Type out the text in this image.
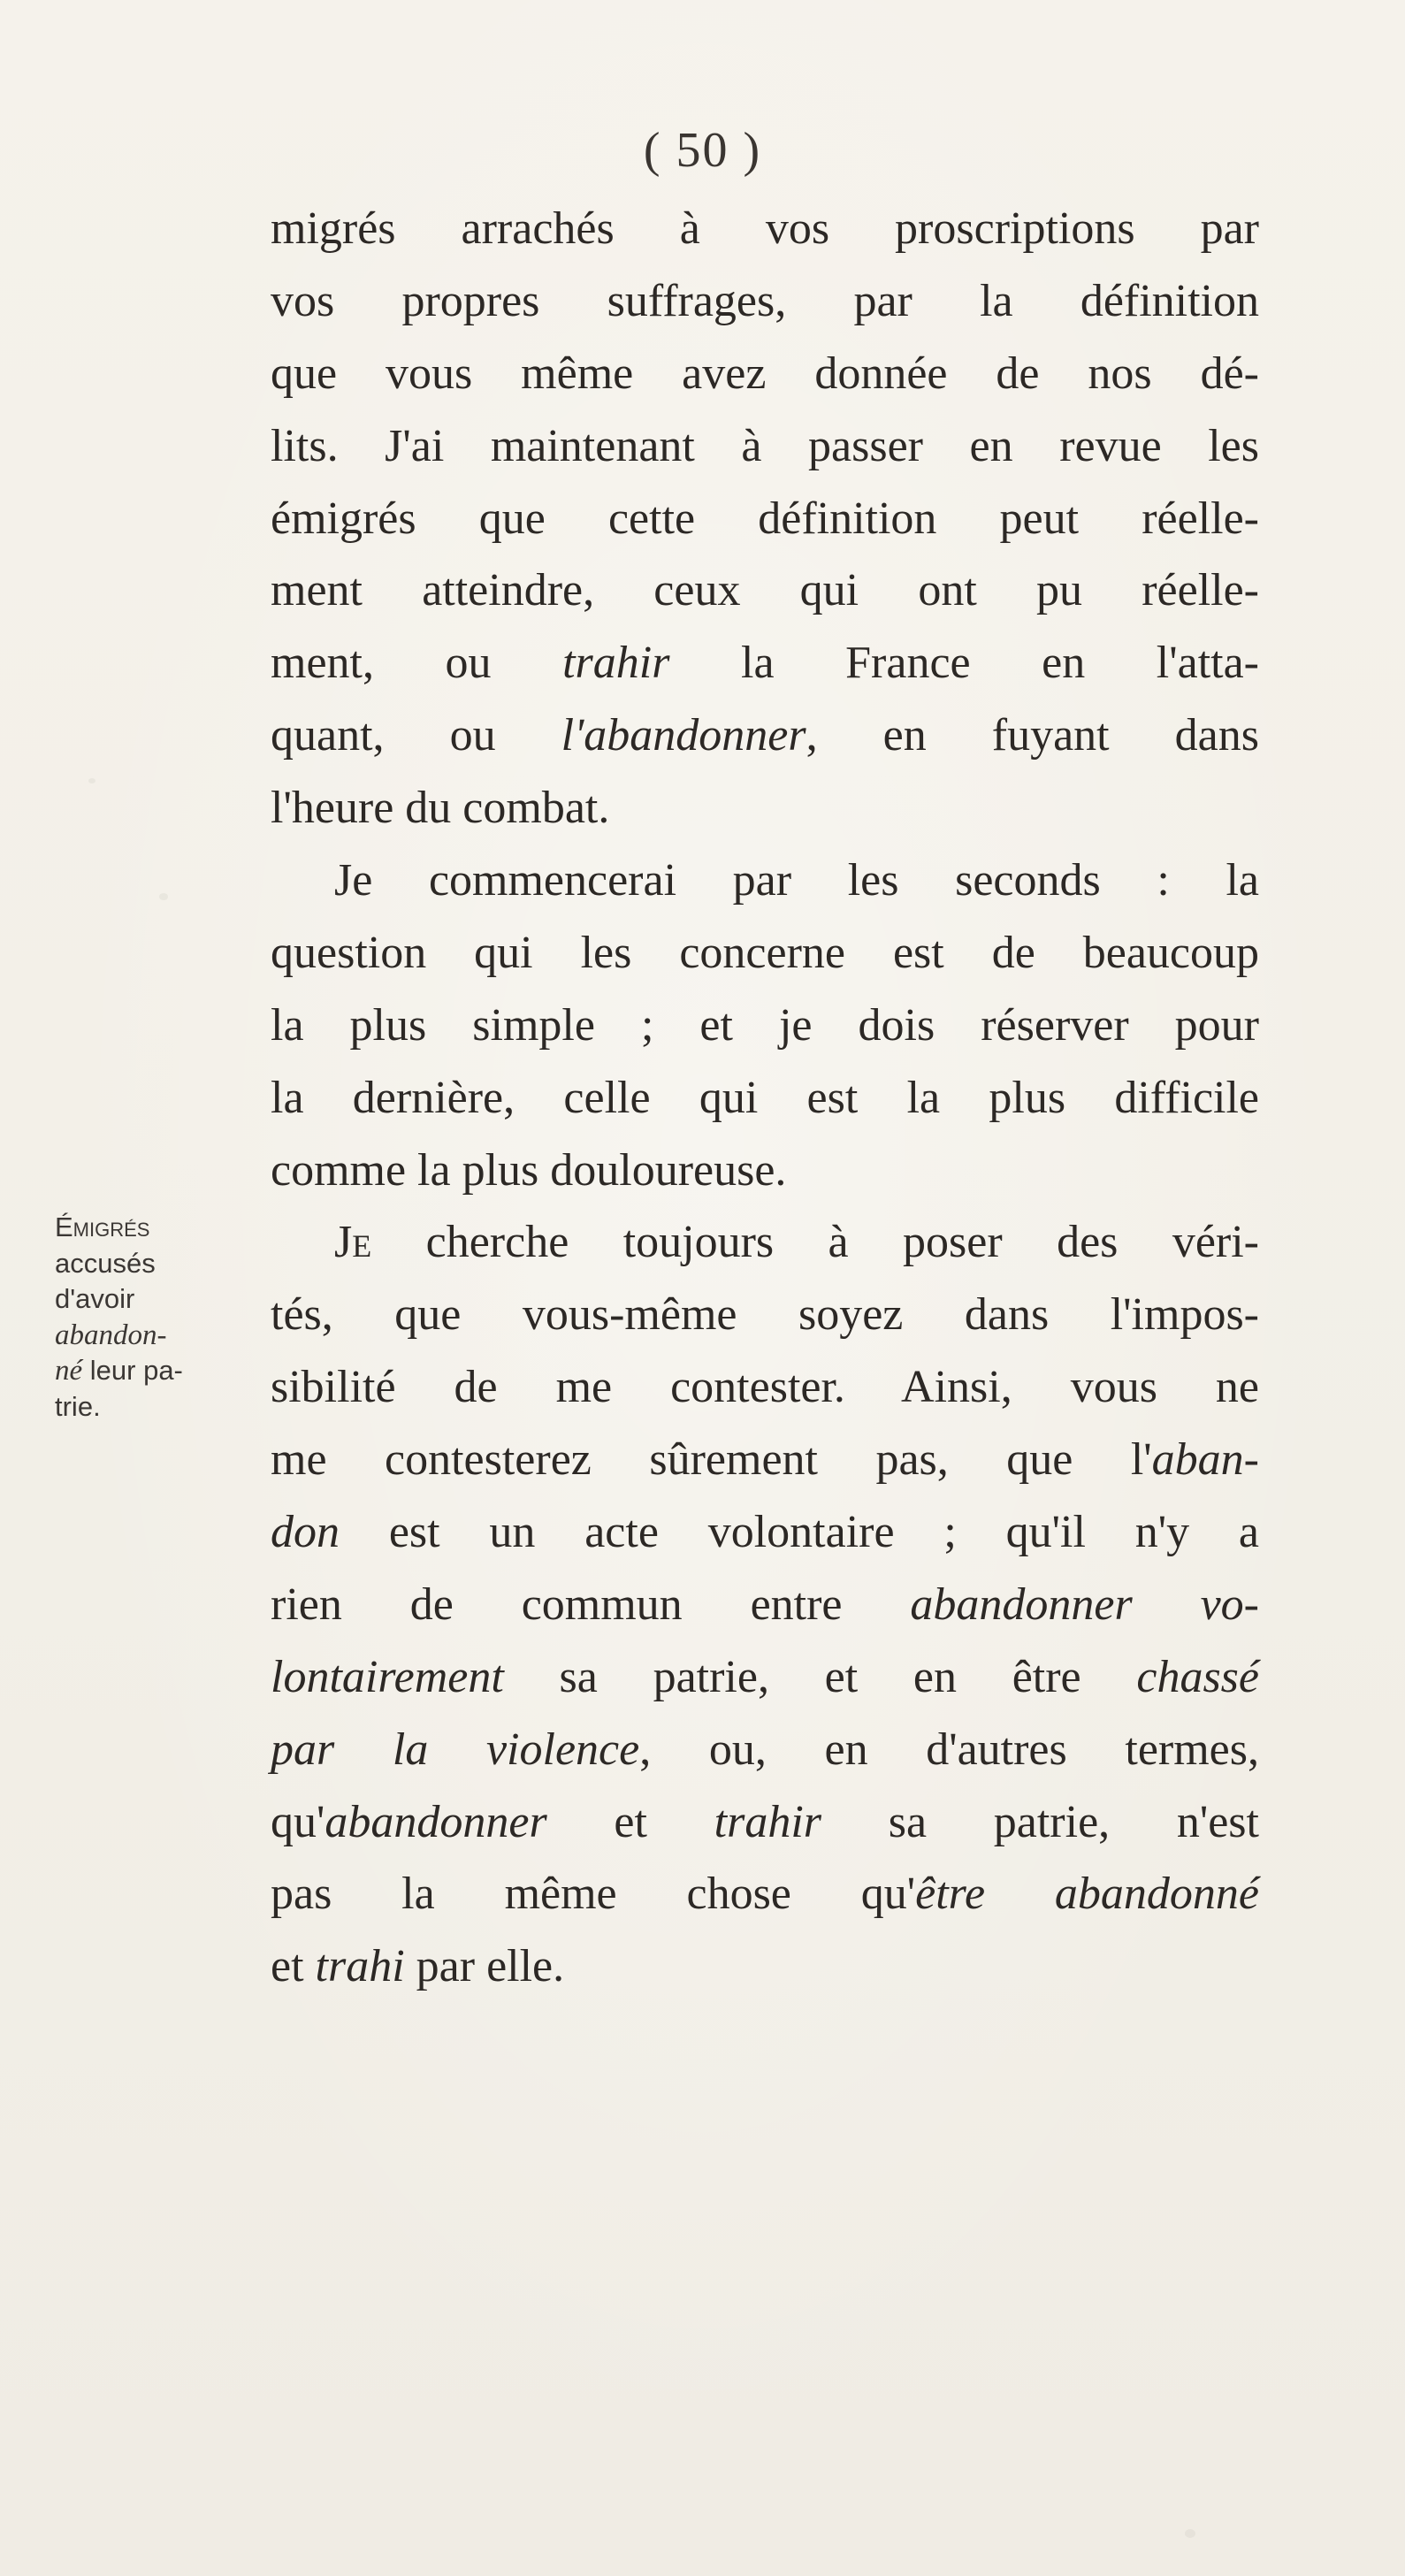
( 50 )
migrés arrachés à vos proscriptions par
vos propres suffrages, par la définition
que vous même avez donnée de nos dé-
lits. J'ai maintenant à passer en revue les
émigrés que cette définition peut réelle-
ment atteindre, ceux qui ont pu réelle-
ment, ou trahir la France en l'atta-
quant, ou l'abandonner, en fuyant dans
l'heure du combat.
Je commencerai par les seconds : la
question qui les concerne est de beaucoup
la plus simple ; et je dois réserver pour
la dernière, celle qui est la plus difficile
comme la plus douloureuse.
Je cherche toujours à poser des véri-
tés, que vous-même soyez dans l'impos-
sibilité de me contester. Ainsi, vous ne
me contesterez sûrement pas, que l'aban-
don est un acte volontaire ; qu'il n'y a
rien de commun entre abandonner vo-
lontairement sa patrie, et en être chassé
par la violence, ou, en d'autres termes,
qu'abandonner et trahir sa patrie, n'est
pas la même chose qu'être abandonné
et trahi par elle.
Émigrés
accusés
d'avoir
abandon-
né leur pa-
trie.
